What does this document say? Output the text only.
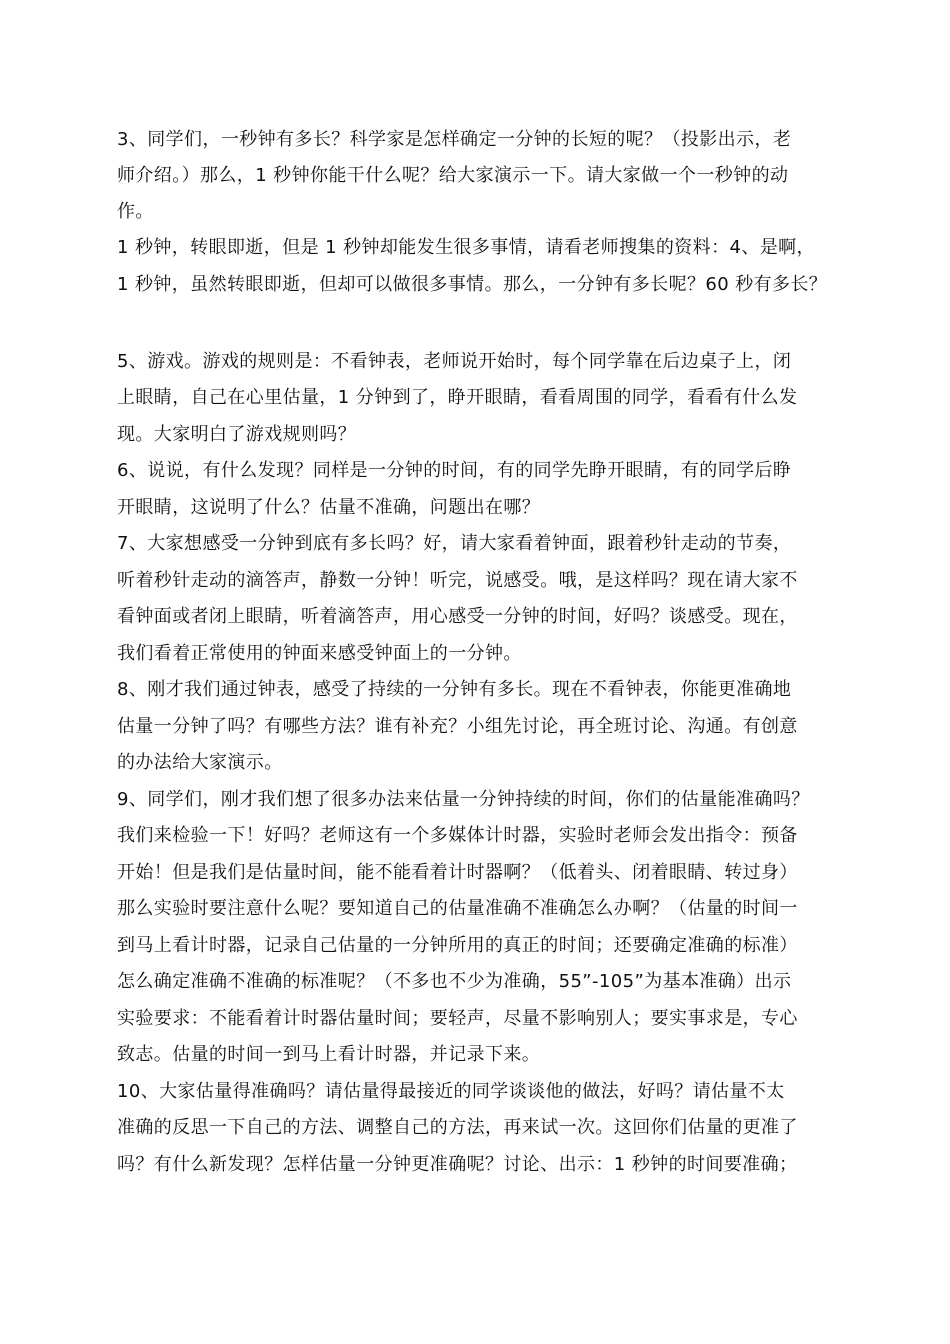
3、同学们，一秒钟有多长？科学家是怎样确定一分钟的长短的呢？（投影出示，老
师介绍。）那么，1 秒钟你能干什么呢？给大家演示一下。请大家做一个一秒钟的动
作。
1 秒钟，转眼即逝，但是 1 秒钟却能发生很多事情，请看老师搜集的资料：4、是啊，
1 秒钟，虽然转眼即逝，但却可以做很多事情。那么，一分钟有多长呢？60 秒有多长？
5、游戏。游戏的规则是：不看钟表，老师说开始时，每个同学靠在后边桌子上，闭
上眼睛，自己在心里估量，1 分钟到了，睁开眼睛，看看周围的同学，看看有什么发
现。大家明白了游戏规则吗？
6、说说，有什么发现？同样是一分钟的时间，有的同学先睁开眼睛，有的同学后睁
开眼睛，这说明了什么？估量不准确，问题出在哪？
7、大家想感受一分钟到底有多长吗？好，请大家看着钟面，跟着秒针走动的节奏，
听着秒针走动的滴答声，静数一分钟！听完，说感受。哦，是这样吗？现在请大家不
看钟面或者闭上眼睛，听着滴答声，用心感受一分钟的时间，好吗？谈感受。现在，
我们看着正常使用的钟面来感受钟面上的一分钟。
8、刚才我们通过钟表，感受了持续的一分钟有多长。现在不看钟表，你能更准确地
估量一分钟了吗？有哪些方法？谁有补充？小组先讨论，再全班讨论、沟通。有创意
的办法给大家演示。
9、同学们，刚才我们想了很多办法来估量一分钟持续的时间，你们的估量能准确吗？
我们来检验一下！好吗？老师这有一个多媒体计时器，实验时老师会发出指令：预备
开始！但是我们是估量时间，能不能看着计时器啊？（低着头、闭着眼睛、转过身）
那么实验时要注意什么呢？要知道自己的估量准确不准确怎么办啊？（估量的时间一
到马上看计时器，记录自己估量的一分钟所用的真正的时间；还要确定准确的标准）
怎么确定准确不准确的标准呢？（不多也不少为准确，55”-105”为基本准确）出示
实验要求：不能看着计时器估量时间；要轻声，尽量不影响别人；要实事求是，专心
致志。估量的时间一到马上看计时器，并记录下来。
10、大家估量得准确吗？请估量得最接近的同学谈谈他的做法，好吗？请估量不太
准确的反思一下自己的方法、调整自己的方法，再来试一次。这回你们估量的更准了
吗？有什么新发现？怎样估量一分钟更准确呢？讨论、出示：1 秒钟的时间要准确；
